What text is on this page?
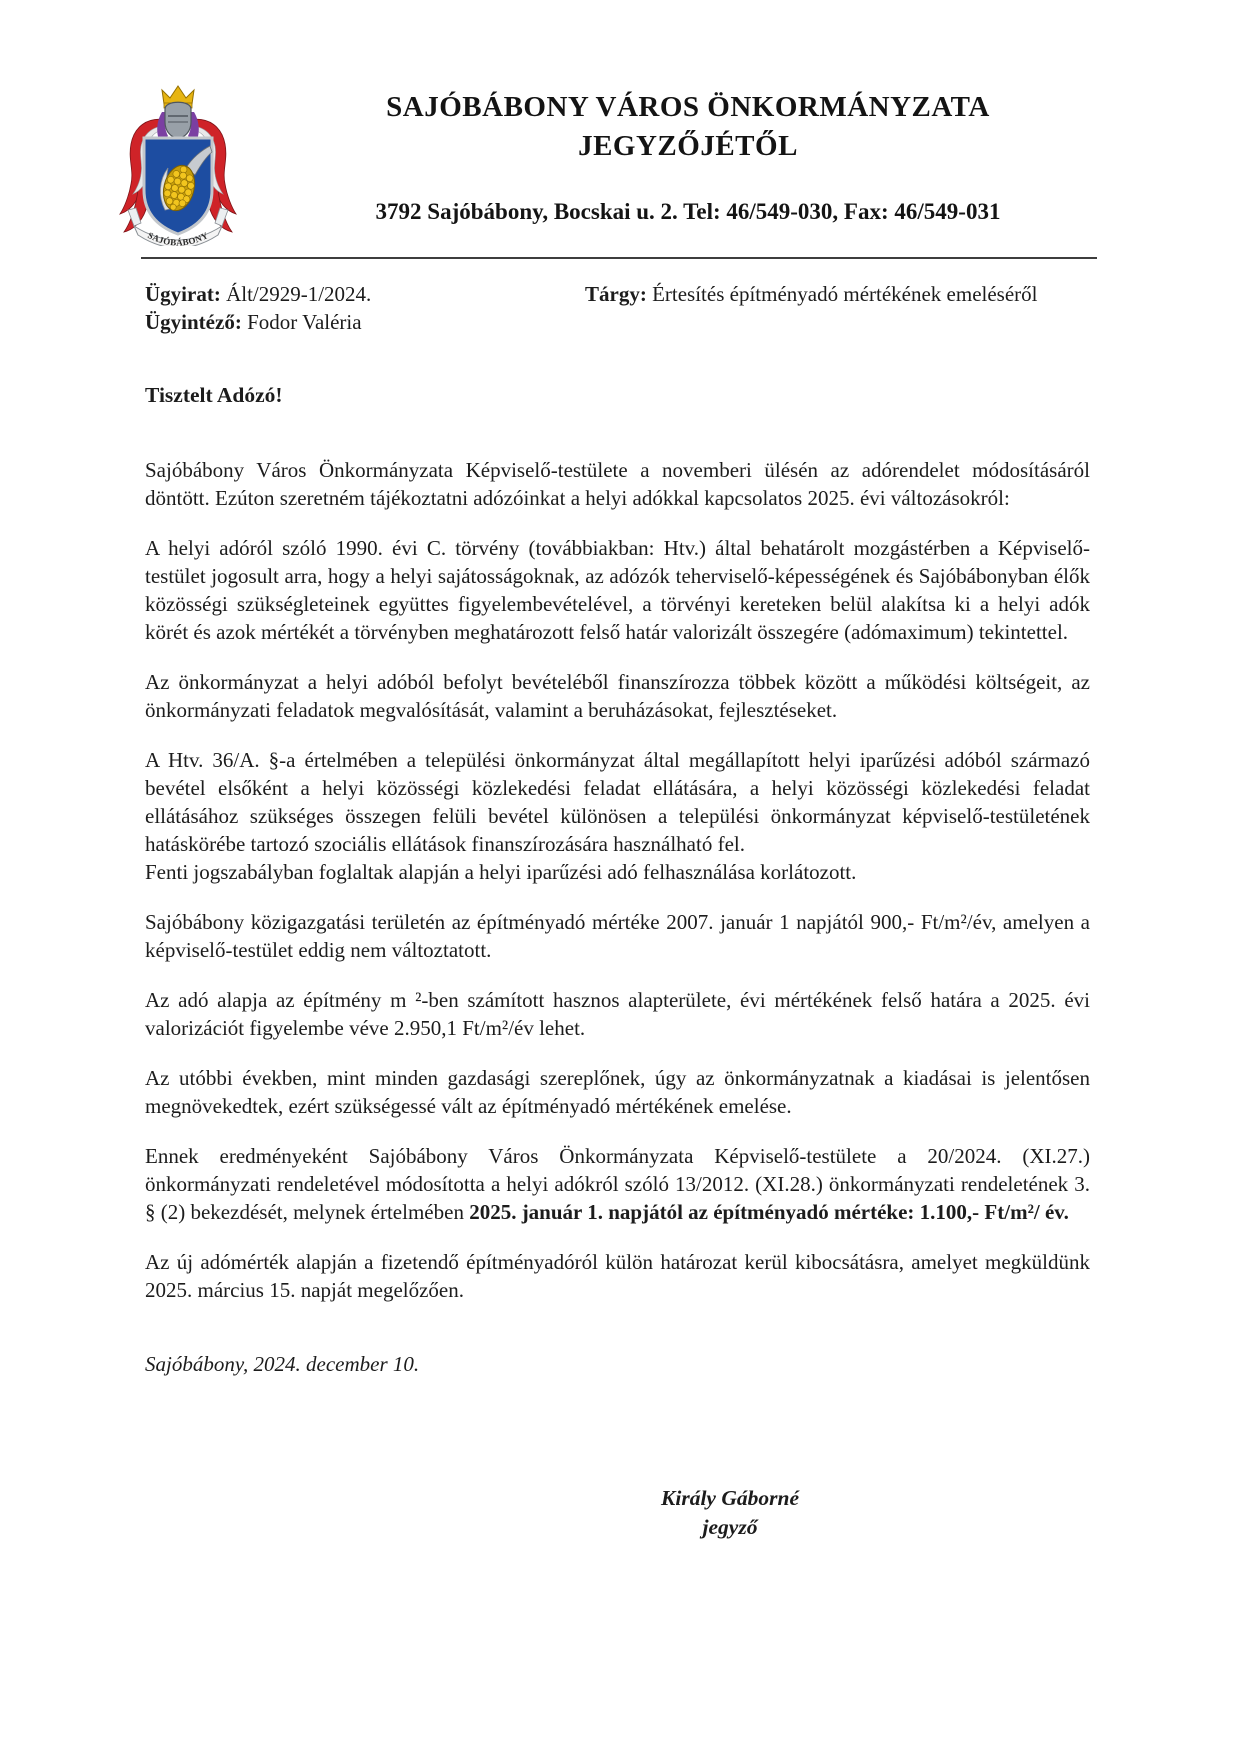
SAJÓBÁBONY
SAJÓBÁBONY VÁROS ÖNKORMÁNYZATA
JEGYZŐJÉTŐL
3792 Sajóbábony, Bocskai u. 2. Tel: 46/549-030, Fax: 46/549-031
Ügyirat: Ált/2929-1/2024.
Ügyintéző: Fodor Valéria
Tárgy: Értesítés építményadó mértékének emeléséről
Tisztelt Adózó!

Sajóbábony Város Önkormányzata Képviselő-testülete a novemberi ülésén az adórendelet módosításáról döntött. Ezúton szeretném tájékoztatni adózóinkat a helyi adókkal kapcsolatos 2025. évi változásokról:

A helyi adóról szóló 1990. évi C. törvény (továbbiakban: Htv.) által behatárolt mozgástérben a Képviselő-testület jogosult arra, hogy a helyi sajátosságoknak, az adózók teherviselő-képességének és Sajóbábonyban élők közösségi szükségleteinek együttes figyelembevételével, a törvényi kereteken belül alakítsa ki a helyi adók körét és azok mértékét a törvényben meghatározott felső határ valorizált összegére (adómaximum) tekintettel.

Az önkormányzat a helyi adóból befolyt bevételéből finanszírozza többek között a működési költségeit, az önkormányzati feladatok megvalósítását, valamint a beruházásokat, fejlesztéseket.

A Htv. 36/A. §-a értelmében a települési önkormányzat által megállapított helyi iparűzési adóból származó bevétel elsőként a helyi közösségi közlekedési feladat ellátására, a helyi közösségi közlekedési feladat ellátásához szükséges összegen felüli bevétel különösen a települési önkormányzat képviselő-testületének hatáskörébe tartozó szociális ellátások finanszírozására használható fel.
Fenti jogszabályban foglaltak alapján a helyi iparűzési adó felhasználása korlátozott.

Sajóbábony közigazgatási területén az építményadó mértéke 2007. január 1 napjától 900,- Ft/m²/év, amelyen a képviselő-testület eddig nem változtatott.

Az adó alapja az építmény m ²-ben számított hasznos alapterülete, évi mértékének felső határa a 2025. évi valorizációt figyelembe véve 2.950,1 Ft/m²/év lehet.

Az utóbbi években, mint minden gazdasági szereplőnek, úgy az önkormányzatnak a kiadásai is jelentősen megnövekedtek, ezért szükségessé vált az építményadó mértékének emelése.

Ennek eredményeként Sajóbábony Város Önkormányzata Képviselő-testülete a 20/2024. (XI.27.) önkormányzati rendeletével módosította a helyi adókról szóló 13/2012. (XI.28.) önkormányzati rendeletének 3. § (2) bekezdését, melynek értelmében 2025. január 1. napjától az építményadó mértéke: 1.100,- Ft/m²/ év.

Az új adómérték alapján a fizetendő építményadóról külön határozat kerül kibocsátásra, amelyet megküldünk 2025. március 15. napját megelőzően.

Sajóbábony, 2024. december 10.
Király Gáborné
jegyző
